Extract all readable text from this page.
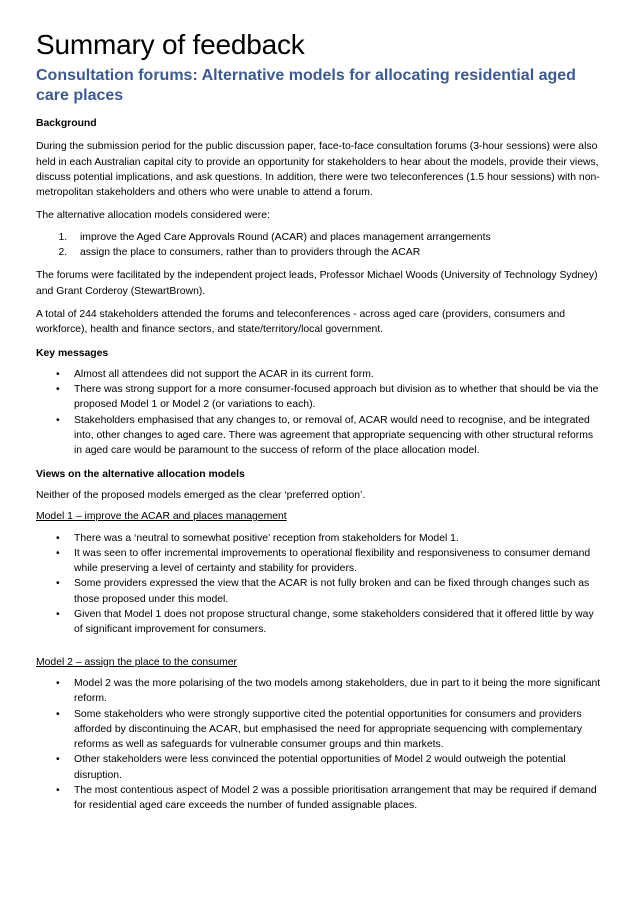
Summary of feedback
Consultation forums: Alternative models for allocating residential aged care places

Background

During the submission period for the public discussion paper, face-to-face consultation forums (3-hour sessions) were also held in each Australian capital city to provide an opportunity for stakeholders to hear about the models, provide their views, discuss potential implications, and ask questions. In addition, there were two teleconferences (1.5 hour sessions) with non-metropolitan stakeholders and others who were unable to attend a forum.

The alternative allocation models considered were:

1. improve the Aged Care Approvals Round (ACAR) and places management arrangements
2. assign the place to consumers, rather than to providers through the ACAR

The forums were facilitated by the independent project leads, Professor Michael Woods (University of Technology Sydney) and Grant Corderoy (StewartBrown).

A total of 244 stakeholders attended the forums and teleconferences - across aged care (providers, consumers and workforce), health and finance sectors, and state/territory/local government.

Key messages

• Almost all attendees did not support the ACAR in its current form.
• There was strong support for a more consumer-focused approach but division as to whether that should be via the proposed Model 1 or Model 2 (or variations to each).
• Stakeholders emphasised that any changes to, or removal of, ACAR would need to recognise, and be integrated into, other changes to aged care. There was agreement that appropriate sequencing with other structural reforms in aged care would be paramount to the success of reform of the place allocation model.

Views on the alternative allocation models

Neither of the proposed models emerged as the clear ‘preferred option’.

Model 1 – improve the ACAR and places management

• There was a ‘neutral to somewhat positive’ reception from stakeholders for Model 1.
• It was seen to offer incremental improvements to operational flexibility and responsiveness to consumer demand while preserving a level of certainty and stability for providers.
• Some providers expressed the view that the ACAR is not fully broken and can be fixed through changes such as those proposed under this model.
• Given that Model 1 does not propose structural change, some stakeholders considered that it offered little by way of significant improvement for consumers.

Model 2 – assign the place to the consumer

• Model 2 was the more polarising of the two models among stakeholders, due in part to it being the more significant reform.
• Some stakeholders who were strongly supportive cited the potential opportunities for consumers and providers afforded by discontinuing the ACAR, but emphasised the need for appropriate sequencing with complementary reforms as well as safeguards for vulnerable consumer groups and thin markets.
• Other stakeholders were less convinced the potential opportunities of Model 2 would outweigh the potential disruption.
• The most contentious aspect of Model 2 was a possible prioritisation arrangement that may be required if demand for residential aged care exceeds the number of funded assignable places.
